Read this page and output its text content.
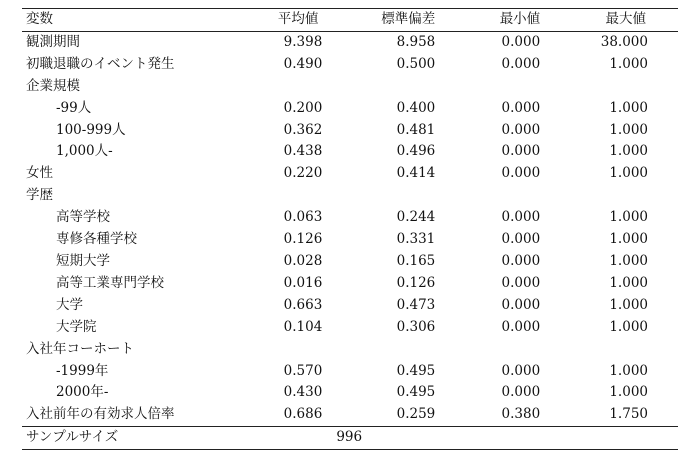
変数	平均値	標準偏差	最小値	最大値
観測期間	9.398	8.958	0.000	38.000
初職退職のイベント発生	0.490	0.500	0.000	1.000
企業規模				
-99人	0.200	0.400	0.000	1.000
100-999人	0.362	0.481	0.000	1.000
1,000人-	0.438	0.496	0.000	1.000
女性	0.220	0.414	0.000	1.000
学歴				
高等学校	0.063	0.244	0.000	1.000
専修各種学校	0.126	0.331	0.000	1.000
短期大学	0.028	0.165	0.000	1.000
高等工業専門学校	0.016	0.126	0.000	1.000
大学	0.663	0.473	0.000	1.000
大学院	0.104	0.306	0.000	1.000
入社年コーホート				
-1999年	0.570	0.495	0.000	1.000
2000年-	0.430	0.495	0.000	1.000
入社前年の有効求人倍率	0.686	0.259	0.380	1.750
サンプルサイズ	996			
